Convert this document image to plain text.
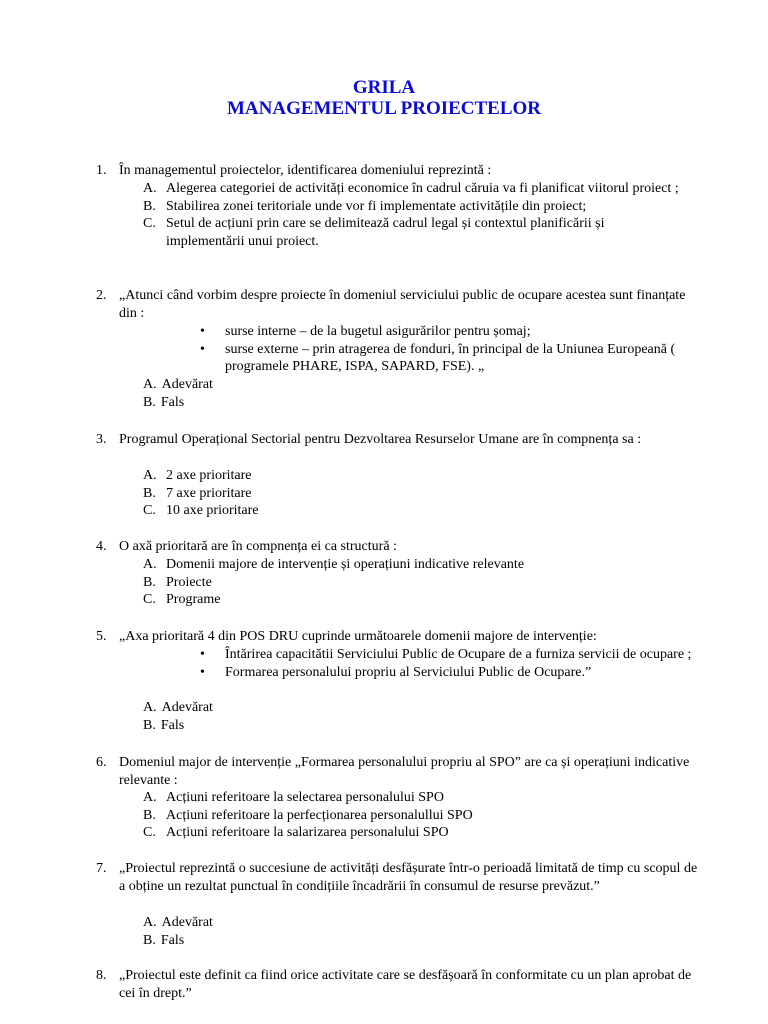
GRILA
MANAGEMENTUL PROIECTELOR
1. În managementul proiectelor, identificarea domeniului reprezintă :
A. Alegerea categoriei de activități economice în cadrul căruia va fi planificat viitorul proiect ;
B. Stabilirea zonei teritoriale unde vor fi implementate activitățile din proiect;
C. Setul de acțiuni prin care se delimitează cadrul legal și contextul planificării și implementării unui proiect.
2. „Atunci când vorbim despre proiecte în domeniul serviciului public de ocupare acestea sunt finanțate din :
•	surse interne – de la bugetul asigurărilor pentru șomaj;
•	surse externe – prin atragerea de fonduri, în principal de la Uniunea Europeană ( programele PHARE, ISPA, SAPARD, FSE). „
A. Adevărat
B. Fals
3. Programul Operațional Sectorial pentru Dezvoltarea Resurselor Umane are în compnența sa :
A. 2 axe prioritare
B. 7 axe prioritare
C. 10 axe prioritare
4. O axă prioritară are în compnența ei ca structură :
A. Domenii majore de intervenție și operațiuni indicative relevante
B. Proiecte
C. Programe
5. „Axa prioritară 4 din POS DRU cuprinde următoarele domenii majore de intervenție:
•	Întărirea capacitătii Serviciului Public de Ocupare de a furniza servicii de ocupare ;
•	Formarea personalului propriu al Serviciului Public de Ocupare.”
A. Adevărat
B. Fals
6. Domeniul major de intervenție „Formarea personalului propriu al SPO” are ca și operațiuni indicative relevante :
A. Acțiuni referitoare la selectarea personalului SPO
B. Acțiuni referitoare la perfecționarea personalullui SPO
C. Acțiuni referitoare la salarizarea personalului SPO
7. „Proiectul reprezintă o succesiune de activități desfășurate într-o perioadă limitată de timp cu scopul de a obține un rezultat punctual în condițiile încadrării în consumul de resurse prevăzut.”
A. Adevărat
B. Fals
8. „Proiectul este definit ca fiind orice activitate care se desfășoară în conformitate cu un plan aprobat de cei în drept.”
